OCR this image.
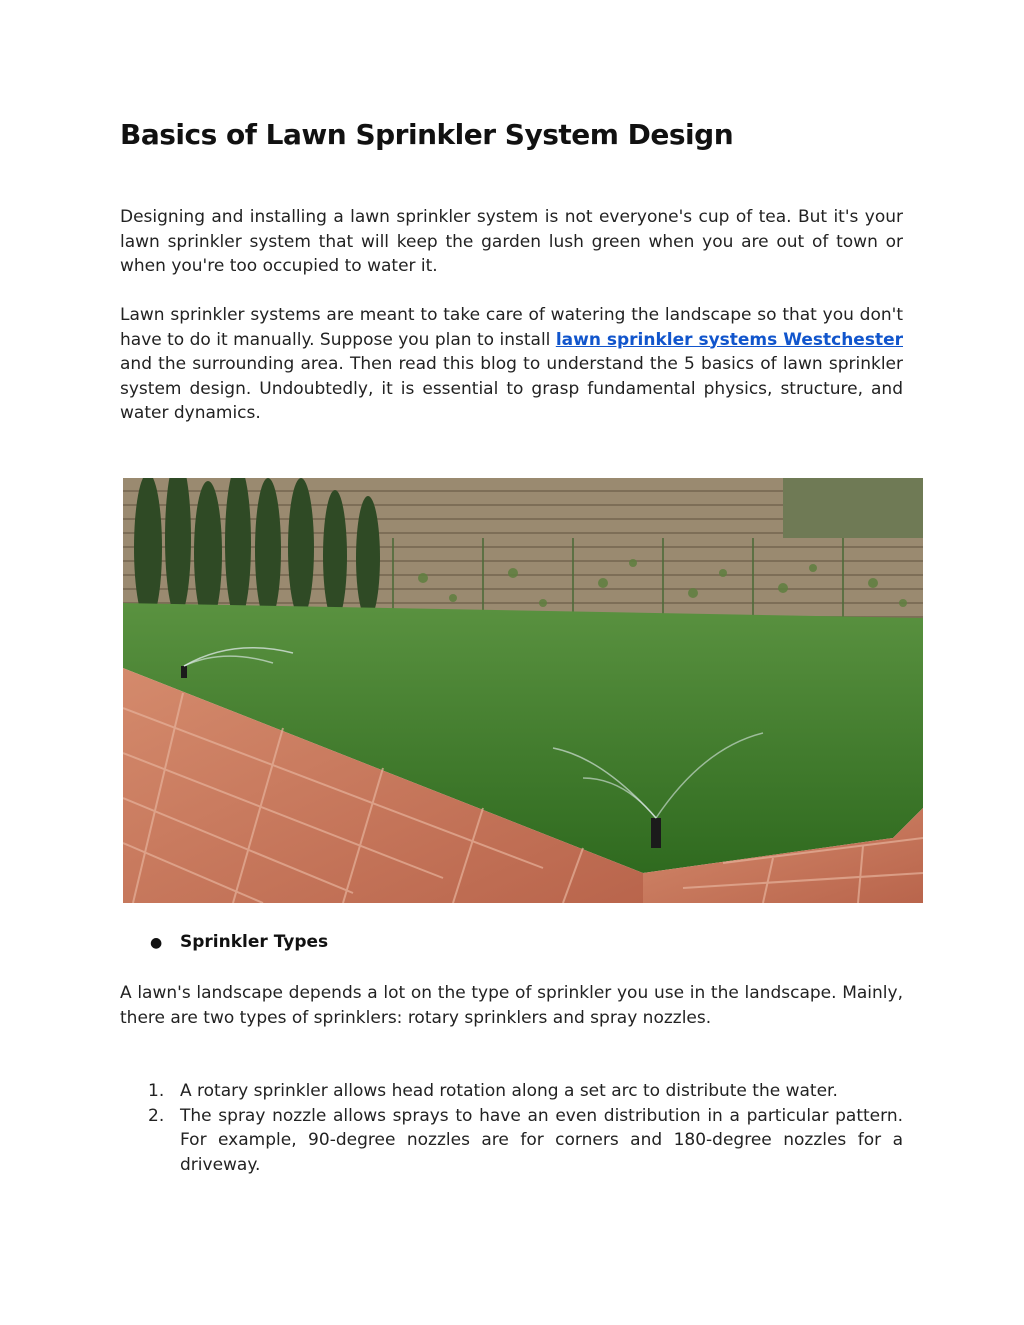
Basics of Lawn Sprinkler System Design

Designing and installing a lawn sprinkler system is not everyone's cup of tea. But it's your lawn sprinkler system that will keep the garden lush green when you are out of town or when you're too occupied to water it.

Lawn sprinkler systems are meant to take care of watering the landscape so that you don't have to do it manually. Suppose you plan to install lawn sprinkler systems Westchester and the surrounding area. Then read this blog to understand the 5 basics of lawn sprinkler system design. Undoubtedly, it is essential to grasp fundamental physics, structure, and water dynamics.

● Sprinkler Types

A lawn's landscape depends a lot on the type of sprinkler you use in the landscape. Mainly, there are two types of sprinklers: rotary sprinklers and spray nozzles.

1. A rotary sprinkler allows head rotation along a set arc to distribute the water.
2. The spray nozzle allows sprays to have an even distribution in a particular pattern. For example, 90-degree nozzles are for corners and 180-degree nozzles for a driveway.
